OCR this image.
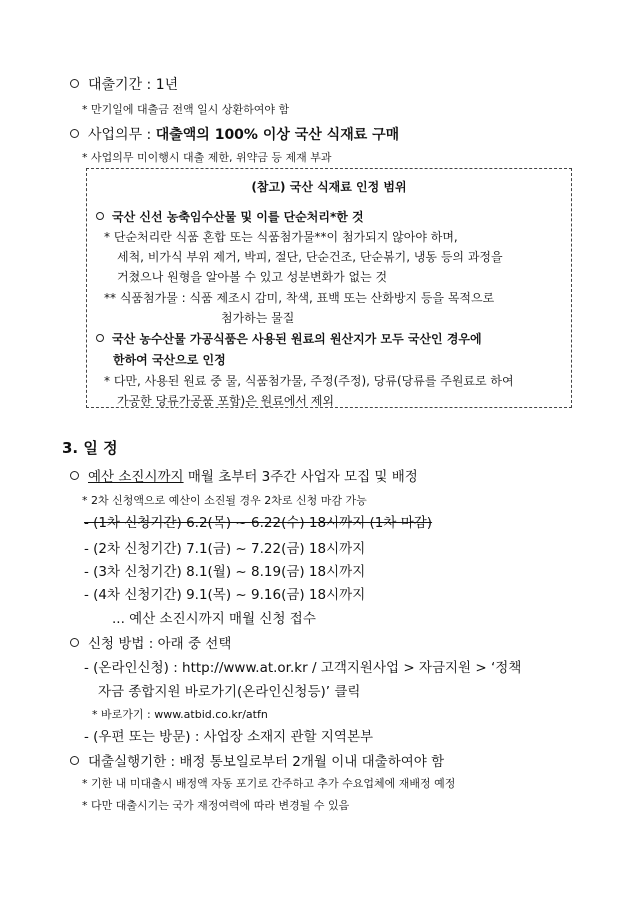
대출기간 : 1년
* 만기일에 대출금 전액 일시 상환하여야 함
사업의무 : 대출액의 100% 이상 국산 식재료 구매
* 사업의무 미이행시 대출 제한, 위약금 등 제재 부과
(참고) 국산 식재료 인정 범위
국산 신선 농축임수산물 및 이를 단순처리*한 것
* 단순처리란 식품 혼합 또는 식품첨가물**이 첨가되지 않아야 하며,
세척, 비가식 부위 제거, 박피, 절단, 단순건조, 단순볶기, 냉동 등의 과정을
거쳤으나 원형을 알아볼 수 있고 성분변화가 없는 것
** 식품첨가물 : 식품 제조시 감미, 착색, 표백 또는 산화방지 등을 목적으로
첨가하는 물질
국산 농수산물 가공식품은 사용된 원료의 원산지가 모두 국산인 경우에
한하여 국산으로 인정
* 다만, 사용된 원료 중 물, 식품첨가물, 주정(주정), 당류(당류를 주원료로 하여
가공한 당류가공품 포함)은 원료에서 제외
3. 일 정
예산 소진시까지 매월 초부터 3주간 사업자 모집 및 배정
* 2차 신청액으로 예산이 소진될 경우 2차로 신청 마감 가능
- (1차 신청기간) 6.2(목) ~ 6.22(수) 18시까지 (1차 마감)
- (2차 신청기간) 7.1(금) ~ 7.22(금) 18시까지
- (3차 신청기간) 8.1(월) ~ 8.19(금) 18시까지
- (4차 신청기간) 9.1(목) ~ 9.16(금) 18시까지
... 예산 소진시까지 매월 신청 접수
신청 방법 : 아래 중 선택
- (온라인신청) : http://www.at.or.kr / 고객지원사업 > 자금지원 > ‘정책
자금 종합지원 바로가기(온라인신청등)’ 클릭
* 바로가기 : www.atbid.co.kr/atfn
- (우편 또는 방문) : 사업장 소재지 관할 지역본부
대출실행기한 : 배정 통보일로부터 2개월 이내 대출하여야 함
* 기한 내 미대출시 배정액 자동 포기로 간주하고 추가 수요업체에 재배정 예정
* 다만 대출시기는 국가 재정여력에 따라 변경될 수 있음
